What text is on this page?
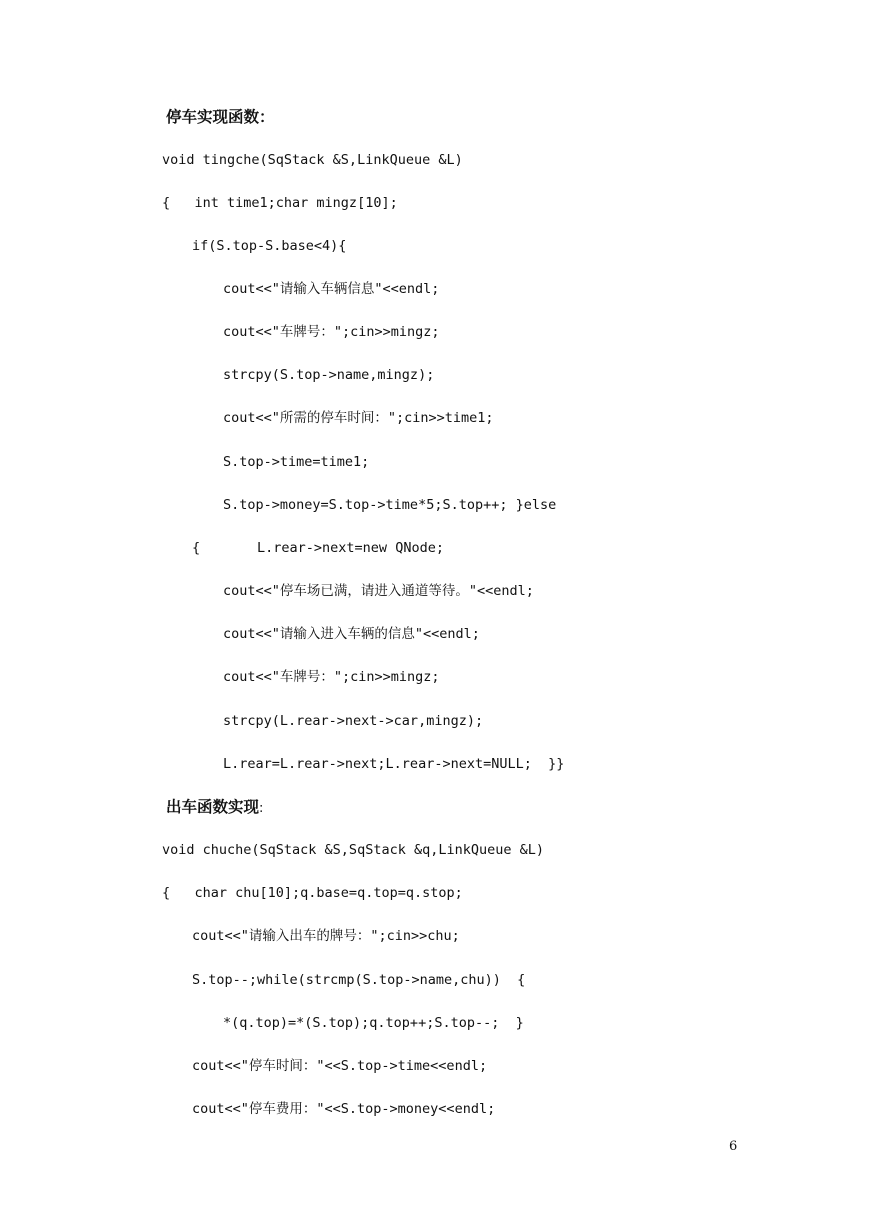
停车实现函数：
void tingche(SqStack &S,LinkQueue &L)
{   int time1;char mingz[10];
if(S.top-S.base<4){
cout<<"请输入车辆信息"<<endl;
cout<<"车牌号：";cin>>mingz;
strcpy(S.top->name,mingz);
cout<<"所需的停车时间：";cin>>time1;
S.top->time=time1;
S.top->money=S.top->time*5;S.top++; }else
{       L.rear->next=new QNode;
cout<<"停车场已满，请进入通道等待。"<<endl;
cout<<"请输入进入车辆的信息"<<endl;
cout<<"车牌号：";cin>>mingz;
strcpy(L.rear->next->car,mingz);
L.rear=L.rear->next;L.rear->next=NULL;  }}
出车函数实现:
void chuche(SqStack &S,SqStack &q,LinkQueue &L)
{   char chu[10];q.base=q.top=q.stop;
cout<<"请输入出车的牌号：";cin>>chu;
S.top--;while(strcmp(S.top->name,chu))  {
*(q.top)=*(S.top);q.top++;S.top--;  }
cout<<"停车时间："<<S.top->time<<endl;
cout<<"停车费用："<<S.top->money<<endl;
6
